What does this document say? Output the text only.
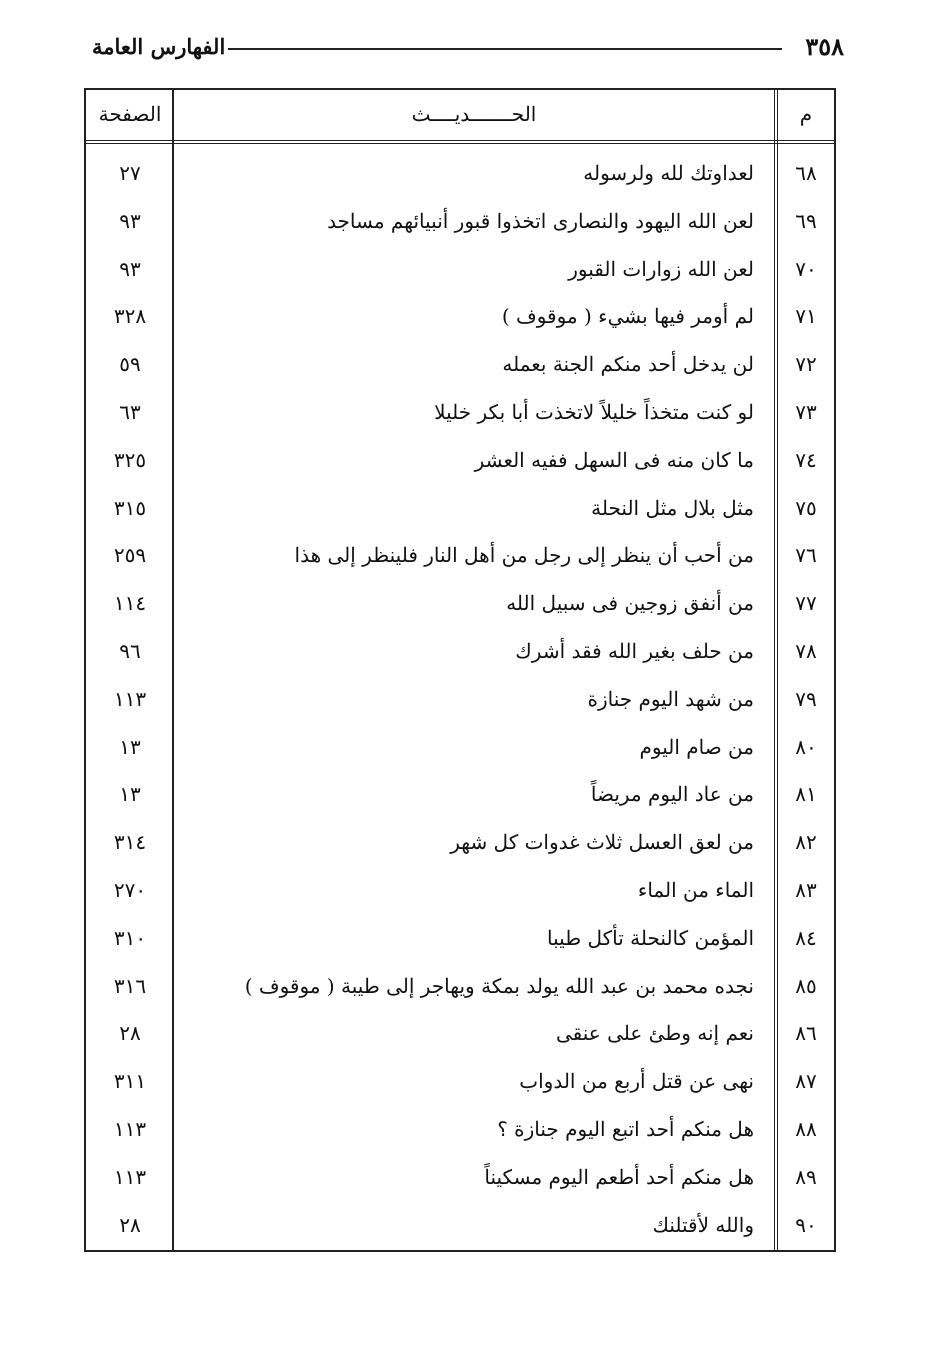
٣٥٨
الفهارس العامة
م
الحـــــــديــــث
الصفحة
٦٨
لعداوتك لله ولرسوله
٢٧
٦٩
لعن الله اليهود والنصارى اتخذوا قبور أنبيائهم مساجد
٩٣
٧٠
لعن الله زوارات القبور
٩٣
٧١
لم أومر فيها بشيء ( موقوف )
٣٢٨
٧٢
لن يدخل أحد منكم الجنة بعمله
٥٩
٧٣
لو كنت متخذاً خليلاً لاتخذت أبا بكر خليلا
٦٣
٧٤
ما كان منه فى السهل ففيه العشر
٣٢٥
٧٥
مثل بلال مثل النحلة
٣١٥
٧٦
من أحب أن ينظر إلى رجل من أهل النار فلينظر إلى هذا
٢٥٩
٧٧
من أنفق زوجين فى سبيل الله
١١٤
٧٨
من حلف بغير الله فقد أشرك
٩٦
٧٩
من شهد اليوم جنازة
١١٣
٨٠
من صام اليوم
١٣
٨١
من عاد اليوم مريضاً
١٣
٨٢
من لعق العسل ثلاث غدوات كل شهر
٣١٤
٨٣
الماء من الماء
٢٧٠
٨٤
المؤمن كالنحلة تأكل طيبا
٣١٠
٨٥
نجده محمد بن عبد الله يولد بمكة ويهاجر إلى طيبة ( موقوف )
٣١٦
٨٦
نعم إنه وطئ على عنقى
٢٨
٨٧
نهى عن قتل أربع من الدواب
٣١١
٨٨
هل منكم أحد اتبع اليوم جنازة ؟
١١٣
٨٩
هل منكم أحد أطعم اليوم مسكيناً
١١٣
٩٠
والله لأقتلنك
٢٨
